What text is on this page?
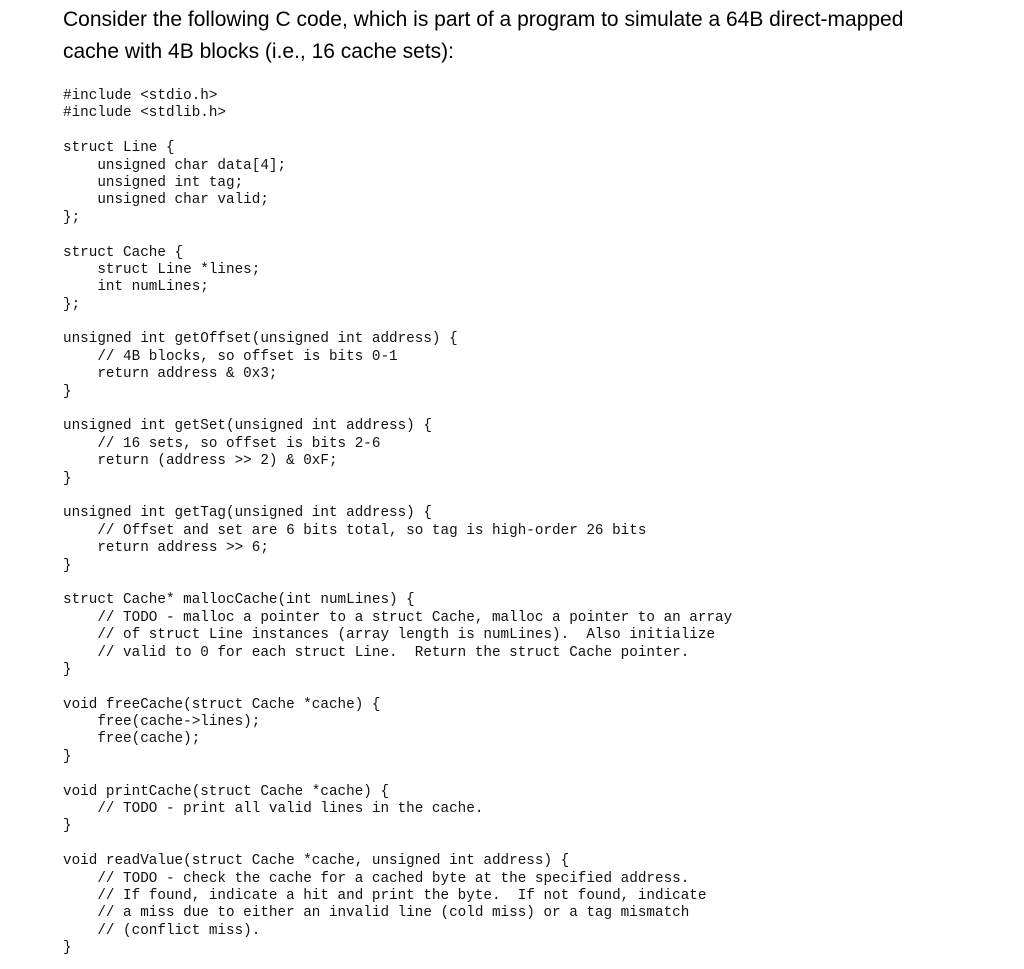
Consider the following C code, which is part of a program to simulate a 64B direct-mapped
cache with 4B blocks (i.e., 16 cache sets):

#include <stdio.h>
#include <stdlib.h>

struct Line {
unsigned char data[4];
unsigned int tag;
unsigned char valid;
};

struct Cache {
struct Line *lines;
int numLines;
};

unsigned int getOffset(unsigned int address) {
// 4B blocks, so offset is bits 0-1
return address & 0x3;
}

unsigned int getSet(unsigned int address) {
// 16 sets, so offset is bits 2-6
return (address >> 2) & 0xF;
}

unsigned int getTag(unsigned int address) {
// Offset and set are 6 bits total, so tag is high-order 26 bits
return address >> 6;
}

struct Cache* mallocCache(int numLines) {
// TODO - malloc a pointer to a struct Cache, malloc a pointer to an array
// of struct Line instances (array length is numLines).  Also initialize
// valid to 0 for each struct Line.  Return the struct Cache pointer.
}

void freeCache(struct Cache *cache) {
free(cache->lines);
free(cache);
}

void printCache(struct Cache *cache) {
// TODO - print all valid lines in the cache.
}

void readValue(struct Cache *cache, unsigned int address) {
// TODO - check the cache for a cached byte at the specified address.
// If found, indicate a hit and print the byte.  If not found, indicate
// a miss due to either an invalid line (cold miss) or a tag mismatch
// (conflict miss).
}
